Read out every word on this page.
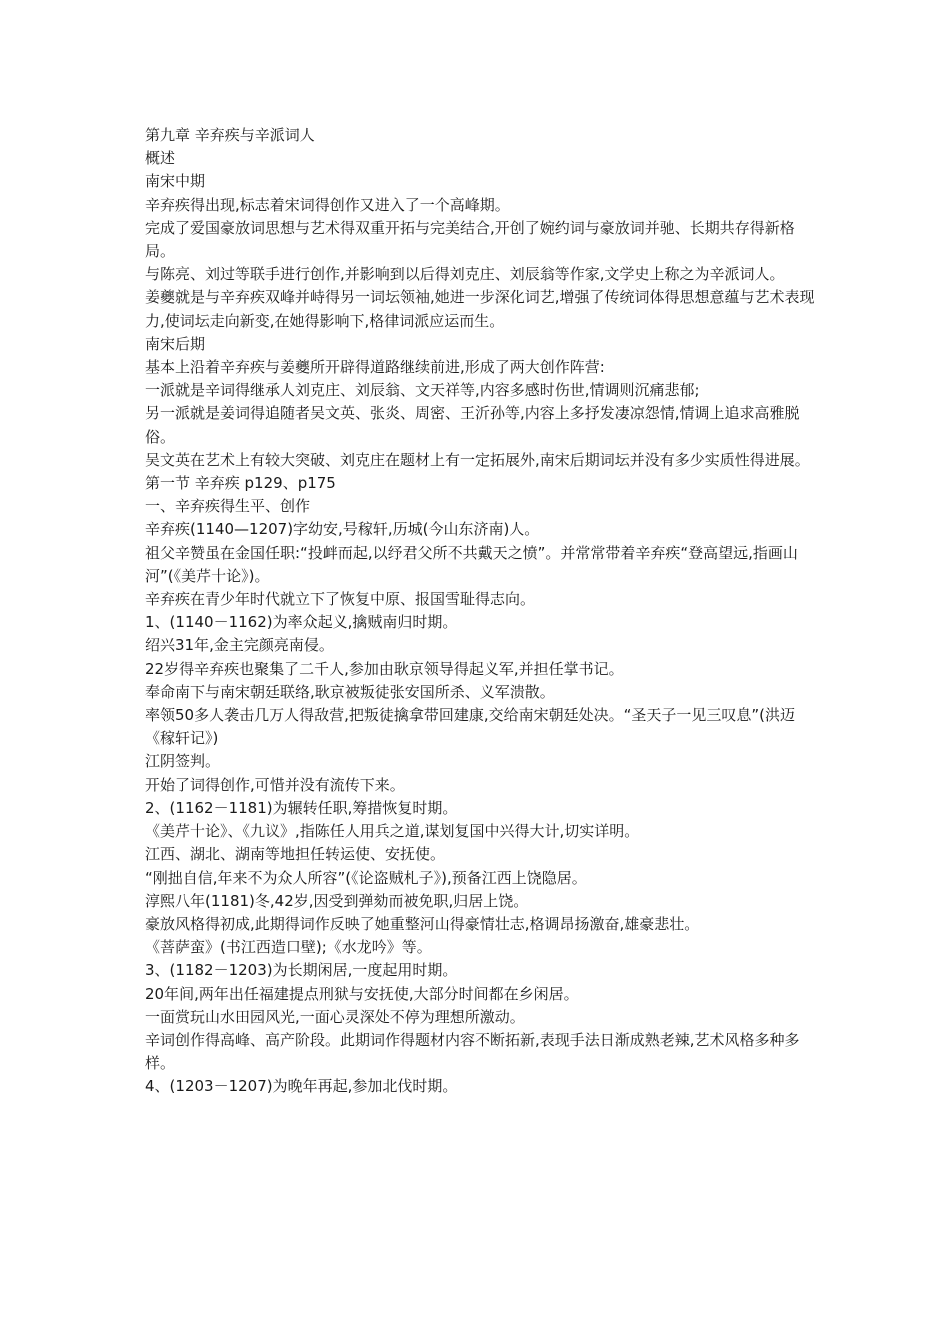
第九章 辛弃疾与辛派词人

概述

南宋中期

辛弃疾得出现,标志着宋词得创作又进入了一个高峰期。

完成了爱国豪放词思想与艺术得双重开拓与完美结合,开创了婉约词与豪放词并驰、长期共存得新格局。

与陈亮、刘过等联手进行创作,并影响到以后得刘克庄、刘辰翁等作家,文学史上称之为辛派词人。

姜夔就是与辛弃疾双峰并峙得另一词坛领袖,她进一步深化词艺,增强了传统词体得思想意蕴与艺术表现力,使词坛走向新变,在她得影响下,格律词派应运而生。

南宋后期

基本上沿着辛弃疾与姜夔所开辟得道路继续前进,形成了两大创作阵营:

一派就是辛词得继承人刘克庄、刘辰翁、文天祥等,内容多感时伤世,情调则沉痛悲郁;

另一派就是姜词得追随者吴文英、张炎、周密、王沂孙等,内容上多抒发凄凉怨情,情调上追求高雅脱俗。

吴文英在艺术上有较大突破、刘克庄在题材上有一定拓展外,南宋后期词坛并没有多少实质性得进展。

第一节 辛弃疾 p129、p175

一、辛弃疾得生平、创作

辛弃疾(1140—1207)字幼安,号稼轩,历城(今山东济南)人。

祖父辛赞虽在金国任职:“投衅而起,以纾君父所不共戴天之愤”。并常常带着辛弃疾“登高望远,指画山河”(《美芹十论》)。

辛弃疾在青少年时代就立下了恢复中原、报国雪耻得志向。

1、(1140－1162)为率众起义,擒贼南归时期。

绍兴31年,金主完颜亮南侵。

22岁得辛弃疾也聚集了二千人,参加由耿京领导得起义军,并担任掌书记。

奉命南下与南宋朝廷联络,耿京被叛徒张安国所杀、义军溃散。

率领50多人袭击几万人得敌营,把叛徒擒拿带回建康,交给南宋朝廷处决。“圣天子一见三叹息”(洪迈《稼轩记》)

江阴签判。

开始了词得创作,可惜并没有流传下来。

2、(1162－1181)为辗转任职,筹措恢复时期。

《美芹十论》、《九议》,指陈任人用兵之道,谋划复国中兴得大计,切实详明。

江西、湖北、湖南等地担任转运使、安抚使。

“刚拙自信,年来不为众人所容”(《论盗贼札子》),预备江西上饶隐居。

淳熙八年(1181)冬,42岁,因受到弹劾而被免职,归居上饶。

豪放风格得初成,此期得词作反映了她重整河山得豪情壮志,格调昂扬激奋,雄豪悲壮。

《菩萨蛮》(书江西造口壁);《水龙吟》等。

3、(1182－1203)为长期闲居,一度起用时期。

20年间,两年出任福建提点刑狱与安抚使,大部分时间都在乡闲居。

一面赏玩山水田园风光,一面心灵深处不停为理想所激动。

辛词创作得高峰、高产阶段。此期词作得题材内容不断拓新,表现手法日渐成熟老辣,艺术风格多种多样。

4、(1203－1207)为晚年再起,参加北伐时期。
